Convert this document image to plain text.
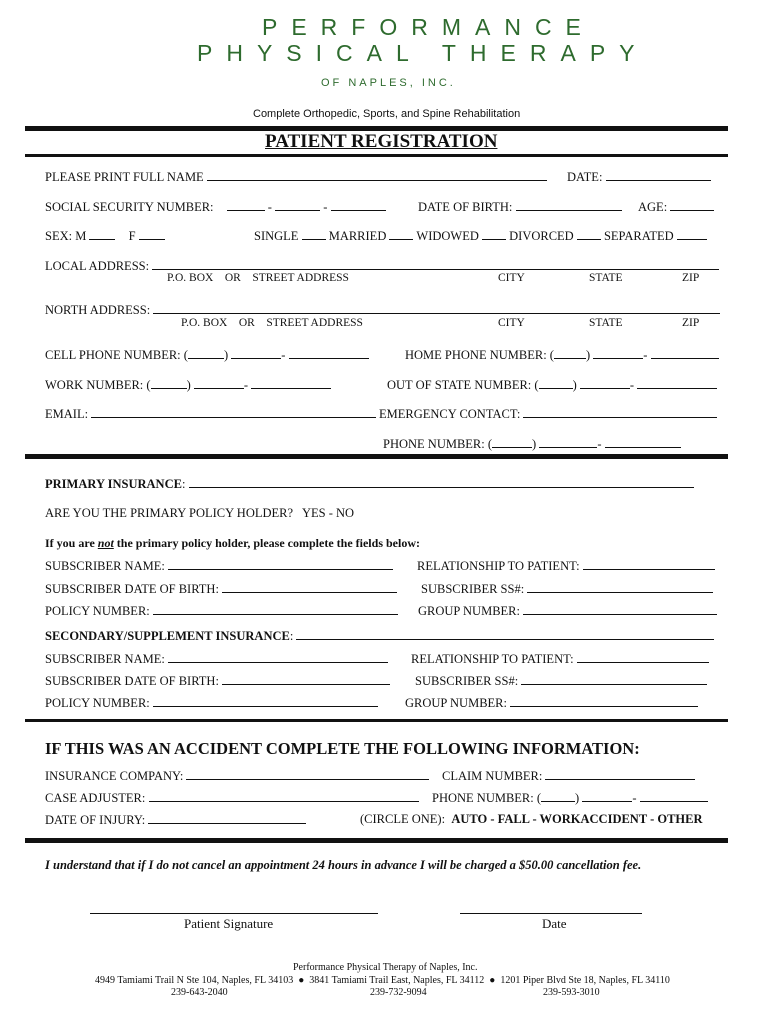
PERFORMANCE
PHYSICAL THERAPY
OF NAPLES, INC.
Complete Orthopedic, Sports, and Spine Rehabilitation
PATIENT REGISTRATION
PLEASE PRINT FULL NAME	DATE:
SOCIAL SECURITY NUMBER:	-	-	DATE OF BIRTH:	AGE:
SEX: M	F	SINGLE MARRIED WIDOWED DIVORCED SEPARATED
LOCAL ADDRESS:
P.O. BOX OR STREET ADDRESS	CITY	STATE	ZIP
NORTH ADDRESS:
P.O. BOX OR STREET ADDRESS	CITY	STATE	ZIP
CELL PHONE NUMBER: (	)	-	HOME PHONE NUMBER: (	)	-
WORK NUMBER: (	)	-	OUT OF STATE NUMBER: (	)	-
EMAIL:	EMERGENCY CONTACT:
PHONE NUMBER: (	)	-
PRIMARY INSURANCE:
ARE YOU THE PRIMARY POLICY HOLDER? YES - NO
If you are not the primary policy holder, please complete the fields below:
SUBSCRIBER NAME:	RELATIONSHIP TO PATIENT:
SUBSCRIBER DATE OF BIRTH:	SUBSCRIBER SS#:
POLICY NUMBER:	GROUP NUMBER:
SECONDARY/SUPPLEMENT INSURANCE:
SUBSCRIBER NAME:	RELATIONSHIP TO PATIENT:
SUBSCRIBER DATE OF BIRTH:	SUBSCRIBER SS#:
POLICY NUMBER:	GROUP NUMBER:
IF THIS WAS AN ACCIDENT COMPLETE THE FOLLOWING INFORMATION:
INSURANCE COMPANY:	CLAIM NUMBER:
CASE ADJUSTER:	PHONE NUMBER: (	)	-
DATE OF INJURY:	(CIRCLE ONE): AUTO - FALL - WORKACCIDENT - OTHER
I understand that if I do not cancel an appointment 24 hours in advance I will be charged a $50.00 cancellation fee.
Patient Signature	Date
Performance Physical Therapy of Naples, Inc.
4949 Tamiami Trail N Ste 104, Naples, FL 34103  ●  3841 Tamiami Trail East, Naples, FL 34112  ●  1201 Piper Blvd Ste 18, Naples, FL 34110
239-643-2040	239-732-9094	239-593-3010
